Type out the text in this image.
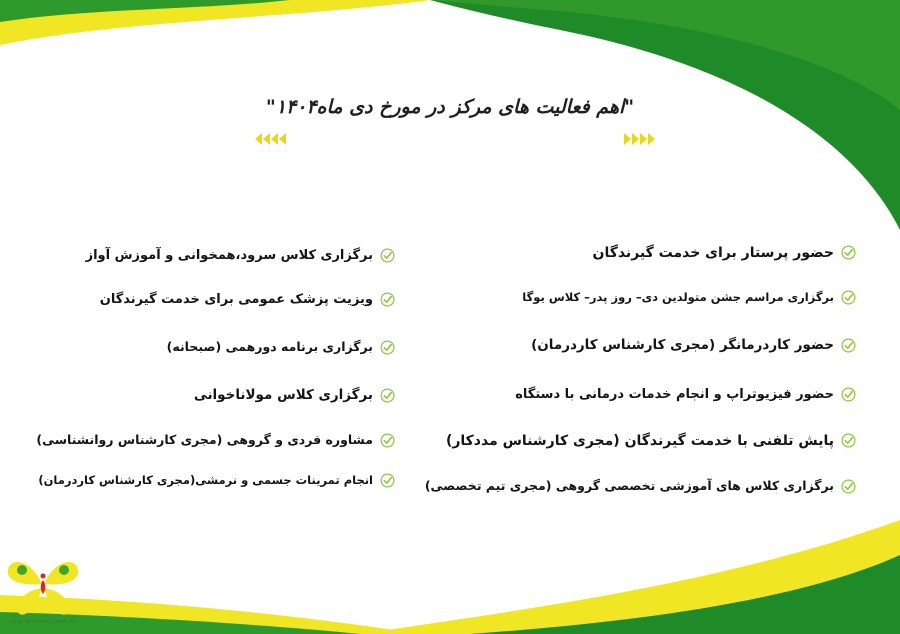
"اهم فعالیت های مرکز در مورخ دی ماه۱۴۰۴"
حضور پرستار برای خدمت گیرندگان
برگزاری مراسم جشن متولدین دی– روز پدر– کلاس یوگا
حضور کاردرمانگر (مجری کارشناس کاردرمان)
حضور فیزیوتراپ و انجام خدمات درمانی با دستگاه
پایش تلفنی با خدمت گیرندگان (مجری کارشناس مددکار)
برگزاری کلاس های آموزشی تخصصی گروهی (مجری تیم تخصصی)
برگزاری کلاس سرود،همخوانی و آموزش آواز
ویزیت پزشک عمومی برای خدمت گیرندگان
برگزاری برنامه دورهمی (صبحانه)
برگزاری کلاس مولاناخوانی
مشاوره فردی و گروهی (مجری کارشناس روانشناسی)
انجام تمرینات جسمی و نرمشی(مجری کارشناس کاردرمان)
مرکز نگهداری از سالمندان خانه خورشید
